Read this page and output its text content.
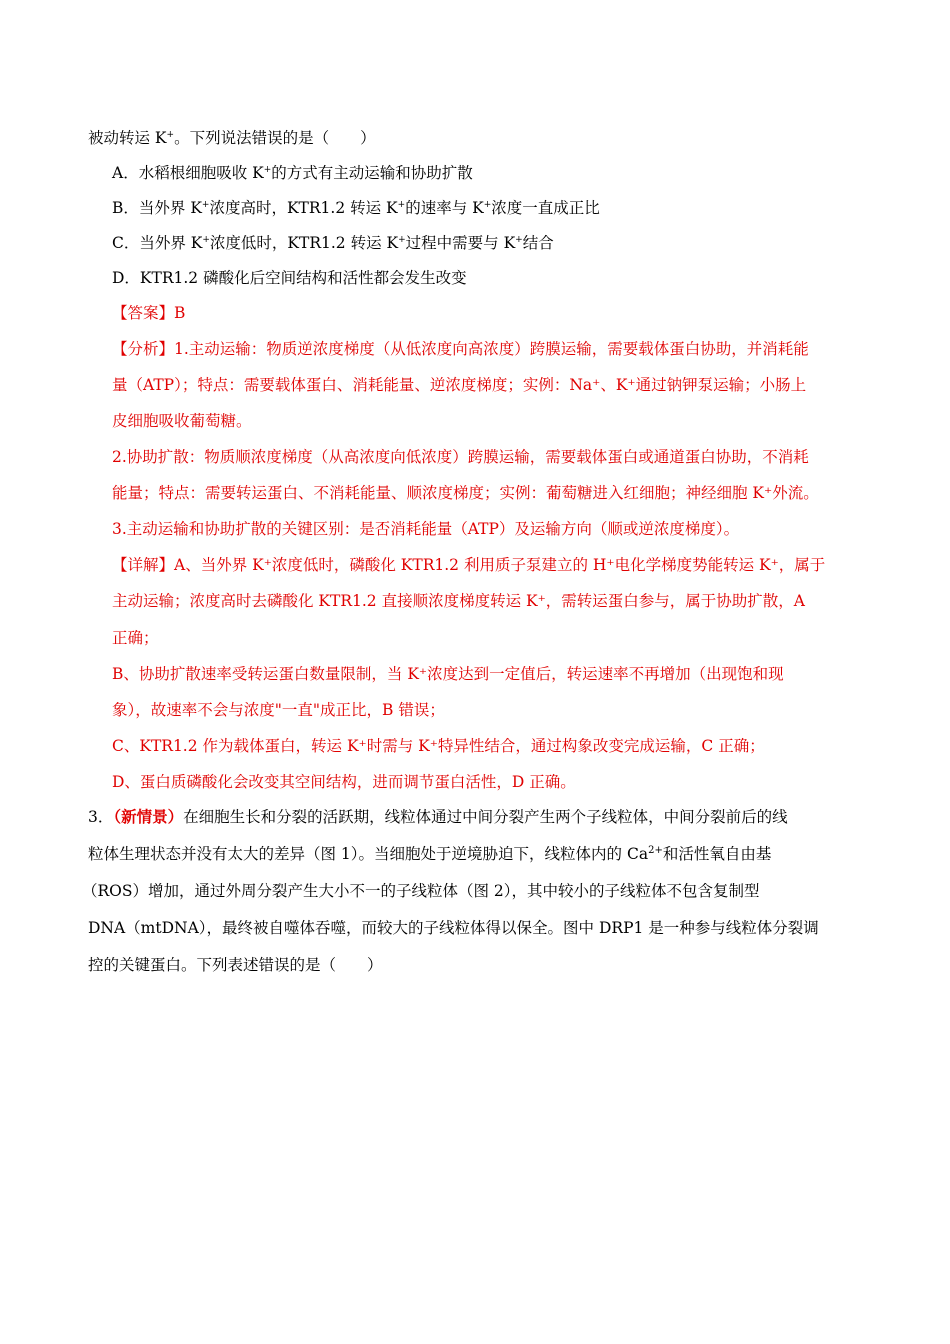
被动转运 K+。下列说法错误的是（　　）
A．水稻根细胞吸收 K+的方式有主动运输和协助扩散
B．当外界 K+浓度高时，KTR1.2 转运 K+的速率与 K+浓度一直成正比
C．当外界 K+浓度低时，KTR1.2 转运 K+过程中需要与 K+结合
D．KTR1.2 磷酸化后空间结构和活性都会发生改变
【答案】B
【分析】1.主动运输：物质逆浓度梯度（从低浓度向高浓度）跨膜运输，需要载体蛋白协助，并消耗能
量（ATP）；特点：需要载体蛋白、消耗能量、逆浓度梯度；实例：Na⁺、K⁺通过钠钾泵运输；小肠上
皮细胞吸收葡萄糖。
2.协助扩散：物质顺浓度梯度（从高浓度向低浓度）跨膜运输，需要载体蛋白或通道蛋白协助，不消耗
能量；特点：需要转运蛋白、不消耗能量、顺浓度梯度；实例：葡萄糖进入红细胞；神经细胞 K⁺外流。
3.主动运输和协助扩散的关键区别：是否消耗能量（ATP）及运输方向（顺或逆浓度梯度）。
【详解】A、当外界 K⁺浓度低时，磷酸化 KTR1.2 利用质子泵建立的 H⁺电化学梯度势能转运 K⁺，属于
主动运输；浓度高时去磷酸化 KTR1.2 直接顺浓度梯度转运 K⁺，需转运蛋白参与，属于协助扩散，A
正确；
B、协助扩散速率受转运蛋白数量限制，当 K⁺浓度达到一定值后，转运速率不再增加（出现饱和现
象），故速率不会与浓度"一直"成正比，B 错误；
C、KTR1.2 作为载体蛋白，转运 K⁺时需与 K⁺特异性结合，通过构象改变完成运输，C 正确；
D、蛋白质磷酸化会改变其空间结构，进而调节蛋白活性，D 正确。
3．（新情景）在细胞生长和分裂的活跃期，线粒体通过中间分裂产生两个子线粒体，中间分裂前后的线
粒体生理状态并没有太大的差异（图 1）。当细胞处于逆境胁迫下，线粒体内的 $Ca^{2+}$和活性氧自由基
（ROS）增加，通过外周分裂产生大小不一的子线粒体（图 2），其中较小的子线粒体不包含复制型
DNA（mtDNA），最终被自噬体吞噬，而较大的子线粒体得以保全。图中 DRP1 是一种参与线粒体分裂调
控的关键蛋白。下列表述错误的是（　　）
